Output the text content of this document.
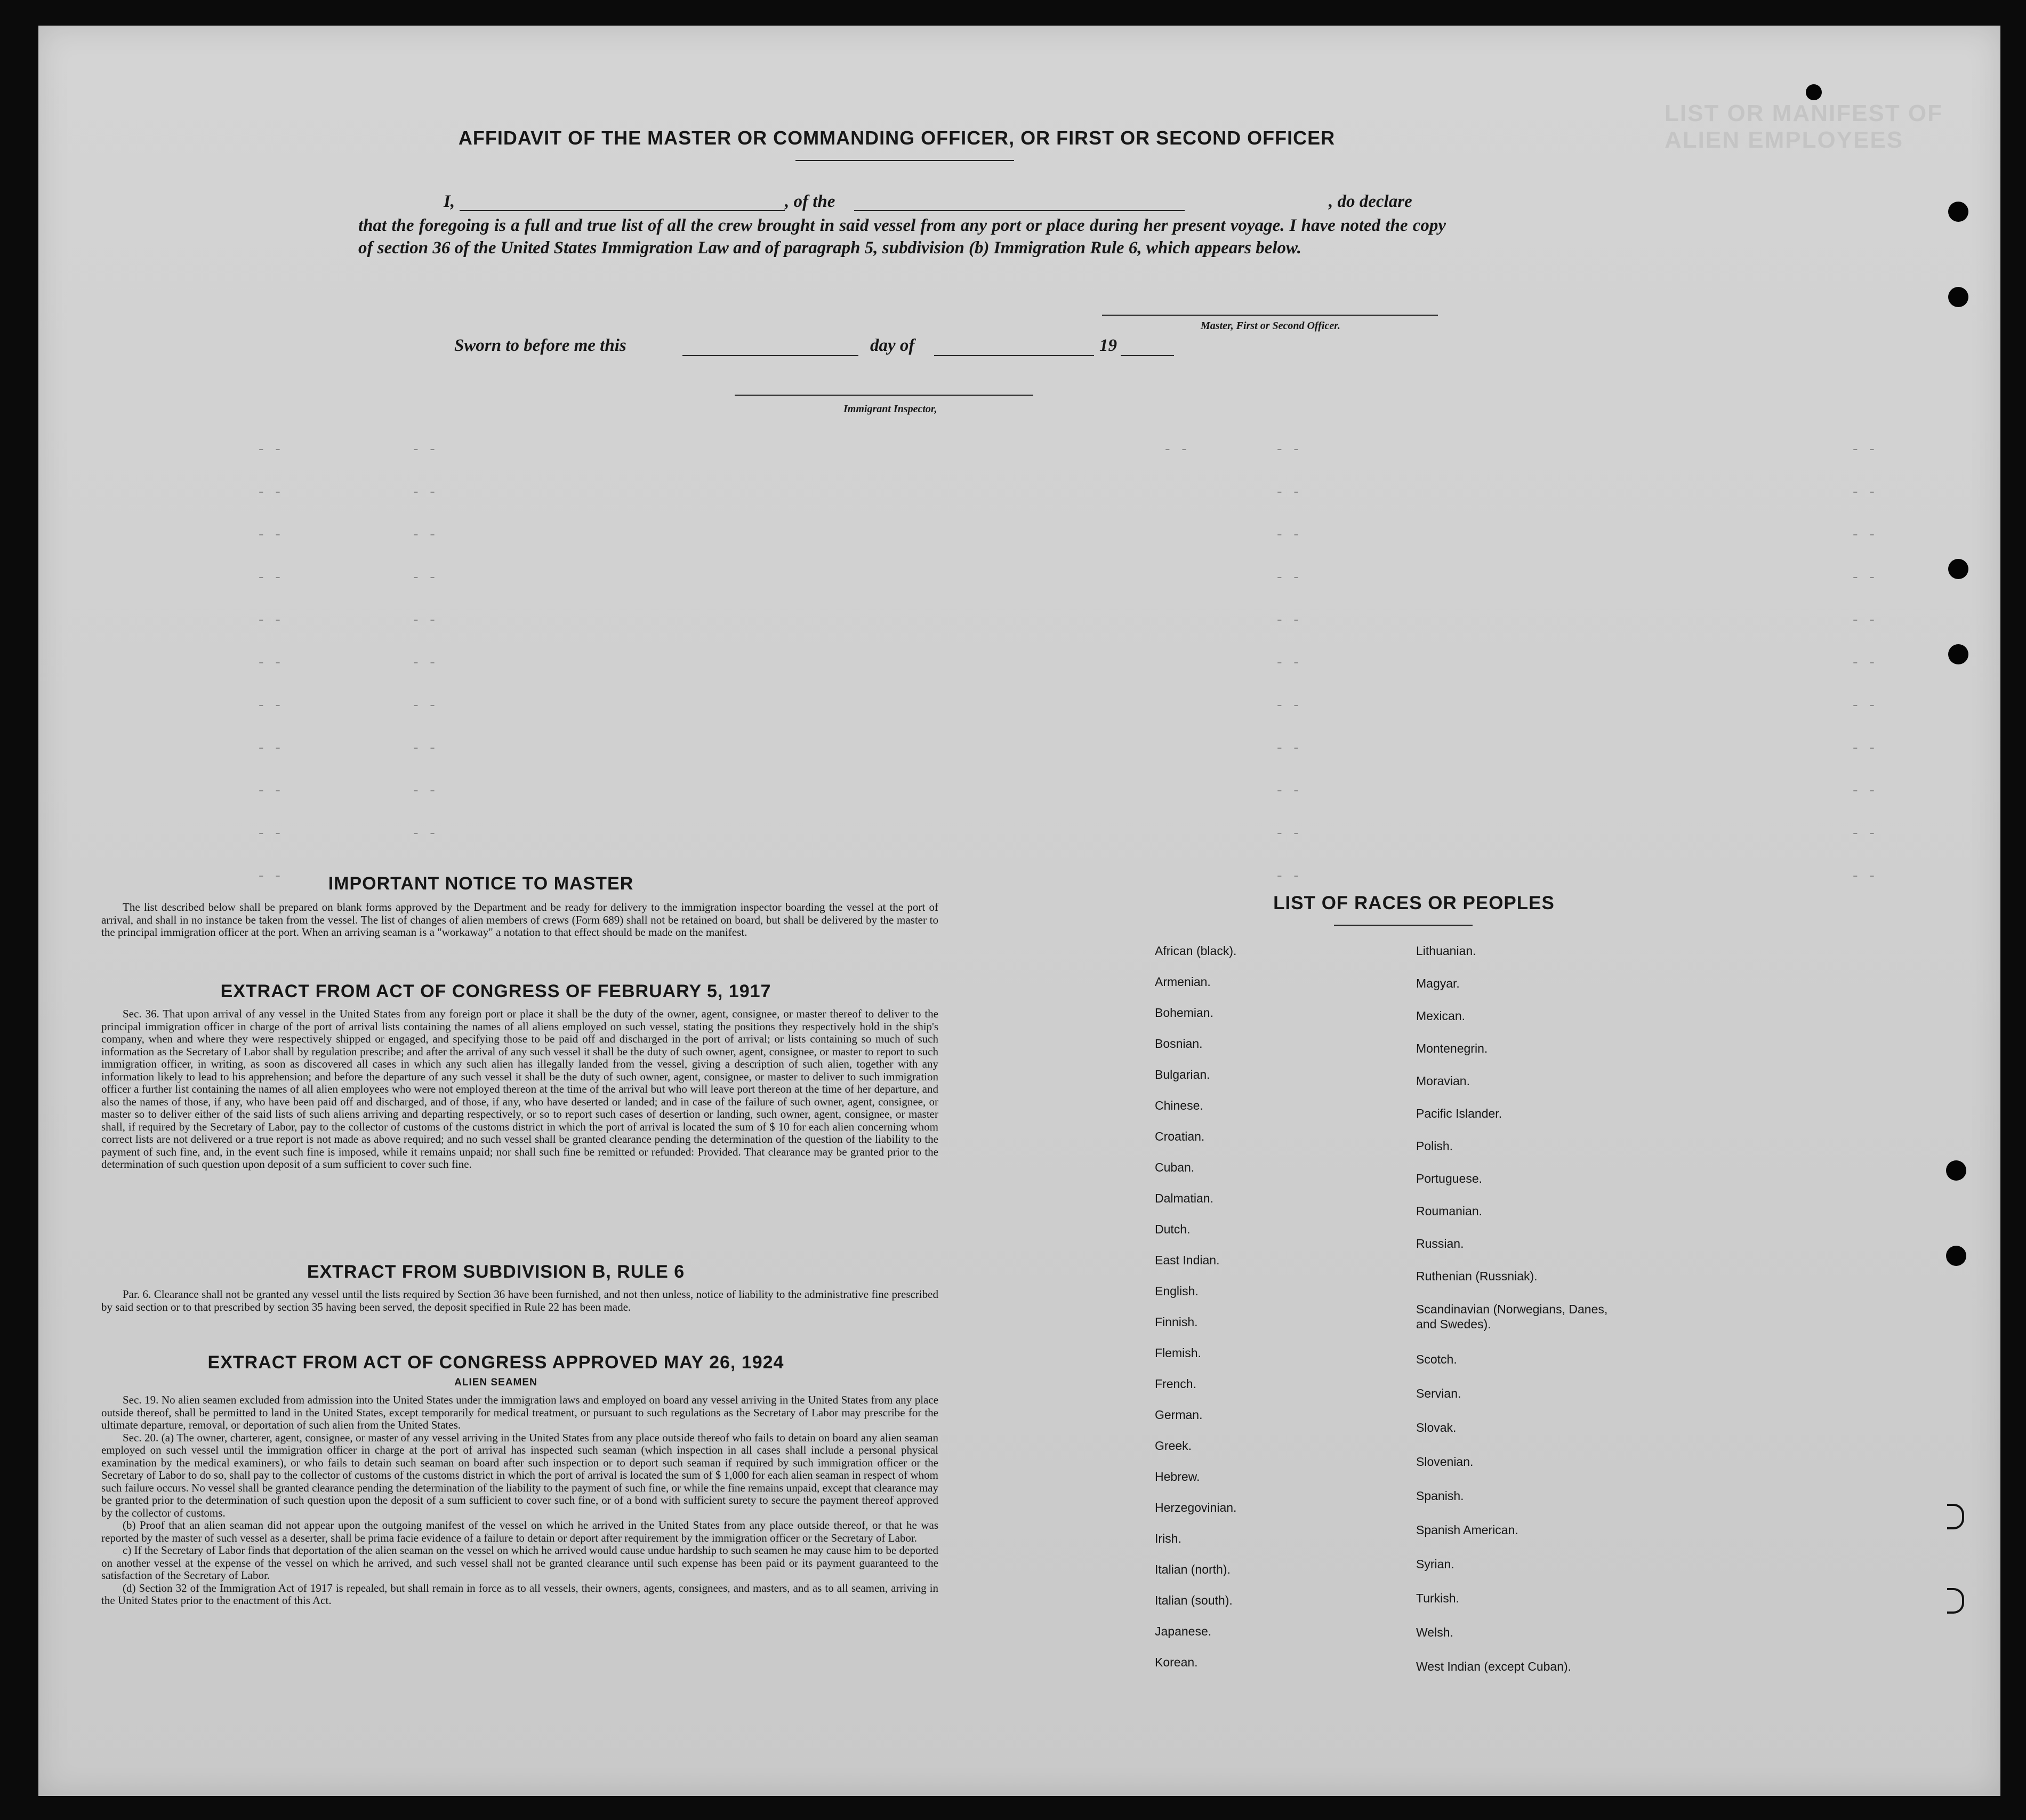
LIST OR MANIFEST OF ALIEN EMPLOYEES
AFFIDAVIT OF THE MASTER OR COMMANDING OFFICER, OR FIRST OR SECOND OFFICER
I,	, of the	, do declare
that the foregoing is a full and true list of all the crew brought in said vessel from any port or place during her present voyage. I have noted the copy of section 36 of the United States Immigration Law and of paragraph 5, subdivision (b) Immigration Rule 6, which appears below.
Master, First or Second Officer.
Sworn to before me this	day of	19
Immigrant Inspector,
- -	- -	- -	- -	- -
- -	- -	- -	- -
- -	- -	- -	- -
- -	- -	- -	- -
- -	- -	- -	- -
- -	- -	- -	- -
- -	- -	- -	- -
- -	- -	- -	- -
- -	- -	- -	- -
- -	- -	- -	- -
- -	- -	- -
IMPORTANT NOTICE TO MASTER
The list described below shall be prepared on blank forms approved by the Department and be ready for delivery to the immigration inspector boarding the vessel at the port of arrival, and shall in no instance be taken from the vessel. The list of changes of alien members of crews (Form 689) shall not be retained on board, but shall be delivered by the master to the principal immigration officer at the port. When an arriving seaman is a "workaway" a notation to that effect should be made on the manifest.
EXTRACT FROM ACT OF CONGRESS OF FEBRUARY 5, 1917
Sec. 36. That upon arrival of any vessel in the United States from any foreign port or place it shall be the duty of the owner, agent, consignee, or master thereof to deliver to the principal immigration officer in charge of the port of arrival lists containing the names of all aliens employed on such vessel, stating the positions they respectively hold in the ship's company, when and where they were respectively shipped or engaged, and specifying those to be paid off and discharged in the port of arrival; or lists containing so much of such information as the Secretary of Labor shall by regulation prescribe; and after the arrival of any such vessel it shall be the duty of such owner, agent, consignee, or master to report to such immigration officer, in writing, as soon as discovered all cases in which any such alien has illegally landed from the vessel, giving a description of such alien, together with any information likely to lead to his apprehension; and before the departure of any such vessel it shall be the duty of such owner, agent, consignee, or master to deliver to such immigration officer a further list containing the names of all alien employees who were not employed thereon at the time of the arrival but who will leave port thereon at the time of her departure, and also the names of those, if any, who have been paid off and discharged, and of those, if any, who have deserted or landed; and in case of the failure of such owner, agent, consignee, or master so to deliver either of the said lists of such aliens arriving and departing respectively, or so to report such cases of desertion or landing, such owner, agent, consignee, or master shall, if required by the Secretary of Labor, pay to the collector of customs of the customs district in which the port of arrival is located the sum of $ 10 for each alien concerning whom correct lists are not delivered or a true report is not made as above required; and no such vessel shall be granted clearance pending the determination of the question of the liability to the payment of such fine, and, in the event such fine is imposed, while it remains unpaid; nor shall such fine be remitted or refunded: Provided. That clearance may be granted prior to the determination of such question upon deposit of a sum sufficient to cover such fine.
EXTRACT FROM SUBDIVISION B, RULE 6
Par. 6. Clearance shall not be granted any vessel until the lists required by Section 36 have been furnished, and not then unless, notice of liability to the administrative fine prescribed by said section or to that prescribed by section 35 having been served, the deposit specified in Rule 22 has been made.
EXTRACT FROM ACT OF CONGRESS APPROVED MAY 26, 1924
ALIEN SEAMEN
Sec. 19. No alien seamen excluded from admission into the United States under the immigration laws and employed on board any vessel arriving in the United States from any place outside thereof, shall be permitted to land in the United States, except temporarily for medical treatment, or pursuant to such regulations as the Secretary of Labor may prescribe for the ultimate departure, removal, or deportation of such alien from the United States.
Sec. 20. (a) The owner, charterer, agent, consignee, or master of any vessel arriving in the United States from any place outside thereof who fails to detain on board any alien seaman employed on such vessel until the immigration officer in charge at the port of arrival has inspected such seaman (which inspection in all cases shall include a personal physical examination by the medical examiners), or who fails to detain such seaman on board after such inspection or to deport such seaman if required by such immigration officer or the Secretary of Labor to do so, shall pay to the collector of customs of the customs district in which the port of arrival is located the sum of $ 1,000 for each alien seaman in respect of whom such failure occurs. No vessel shall be granted clearance pending the determination of the liability to the payment of such fine, or while the fine remains unpaid, except that clearance may be granted prior to the determination of such question upon the deposit of a sum sufficient to cover such fine, or of a bond with sufficient surety to secure the payment thereof approved by the collector of customs.
(b) Proof that an alien seaman did not appear upon the outgoing manifest of the vessel on which he arrived in the United States from any place outside thereof, or that he was reported by the master of such vessel as a deserter, shall be prima facie evidence of a failure to detain or deport after requirement by the immigration officer or the Secretary of Labor.
c) If the Secretary of Labor finds that deportation of the alien seaman on the vessel on which he arrived would cause undue hardship to such seamen he may cause him to be deported on another vessel at the expense of the vessel on which he arrived, and such vessel shall not be granted clearance until such expense has been paid or its payment guaranteed to the satisfaction of the Secretary of Labor.
(d) Section 32 of the Immigration Act of 1917 is repealed, but shall remain in force as to all vessels, their owners, agents, consignees, and masters, and as to all seamen, arriving in the United States prior to the enactment of this Act.
LIST OF RACES OR PEOPLES
African (black).
Armenian.
Bohemian.
Bosnian.
Bulgarian.
Chinese.
Croatian.
Cuban.
Dalmatian.
Dutch.
East Indian.
English.
Finnish.
Flemish.
French.
German.
Greek.
Hebrew.
Herzegovinian.
Irish.
Italian (north).
Italian (south).
Japanese.
Korean.
Lithuanian.
Magyar.
Mexican.
Montenegrin.
Moravian.
Pacific Islander.
Polish.
Portuguese.
Roumanian.
Russian.
Ruthenian (Russniak).
Scandinavian (Norwegians, Danes, and Swedes).
Scotch.
Servian.
Slovak.
Slovenian.
Spanish.
Spanish American.
Syrian.
Turkish.
Welsh.
West Indian (except Cuban).
